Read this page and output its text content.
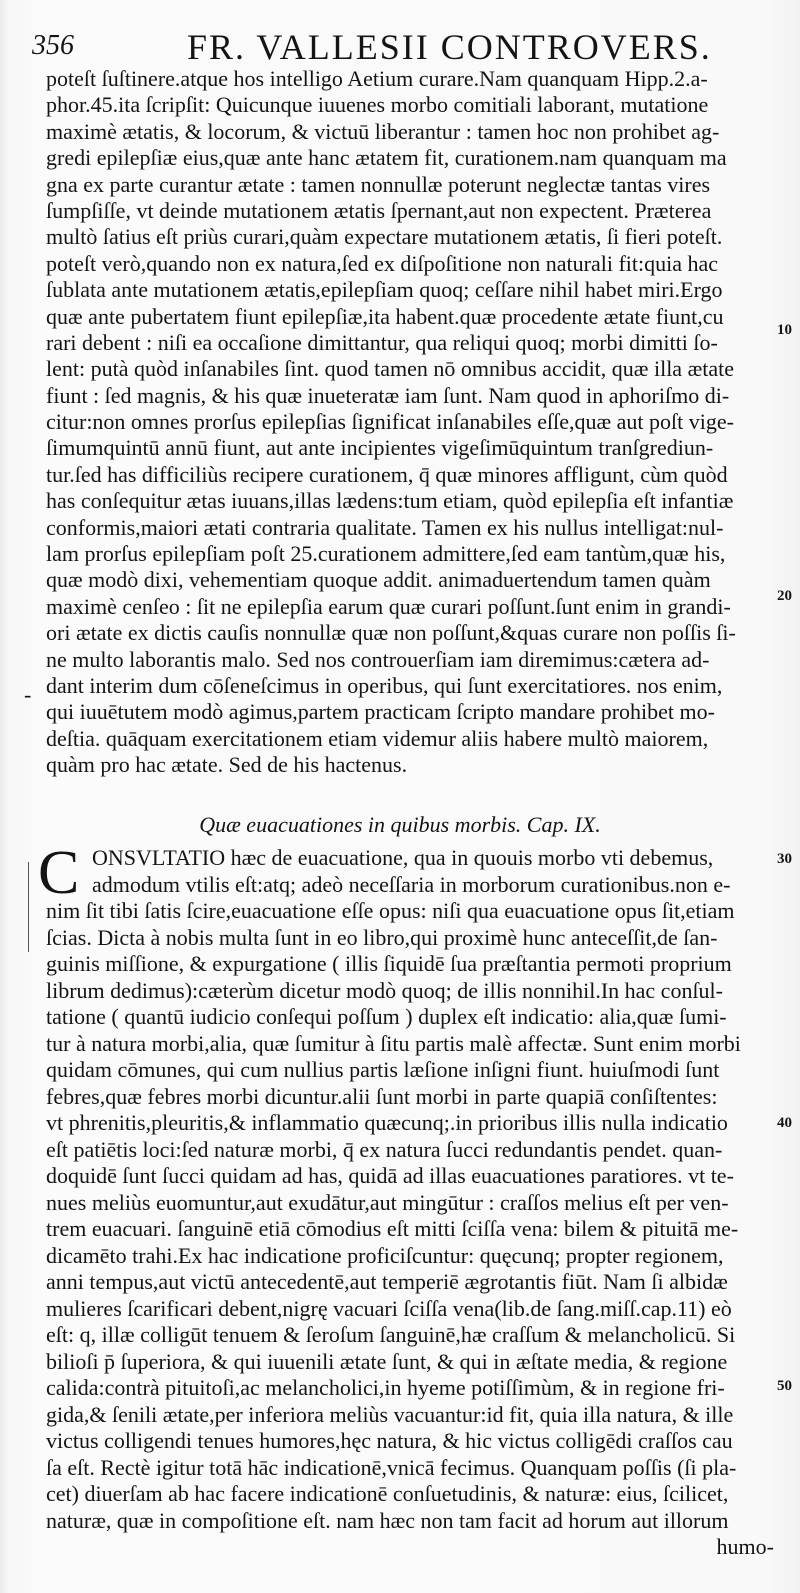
356	FR. VALLESII CONTROVERS.
poteſt ſuſtinere.atque hos intelligo Aetium curare.Nam quanquam Hipp.2.a-
phor.45.ita ſcripſit: Quicunque iuuenes morbo comitiali laborant, mutatione
maximè ætatis, & locorum, & victuū liberantur : tamen hoc non prohibet ag-
gredi epilepſiæ eius,quæ ante hanc ætatem fit, curationem.nam quanquam ma
gna ex parte curantur ætate : tamen nonnullæ poterunt neglectæ tantas vires
ſumpſiſſe, vt deinde mutationem ætatis ſpernant,aut non expectent. Præterea
multò ſatius eſt priùs curari,quàm expectare mutationem ætatis, ſi fieri poteſt.
poteſt verò,quando non ex natura,ſed ex diſpoſitione non naturali fit:quia hac
ſublata ante mutationem ætatis,epilepſiam quoq; ceſſare nihil habet miri.Ergo
quæ ante pubertatem fiunt epilepſiæ,ita habent.quæ procedente ætate fiunt,cu
rari debent : niſi ea occaſione dimittantur, qua reliqui quoq; morbi dimitti ſo-
lent: putà quòd inſanabiles ſint. quod tamen nō omnibus accidit, quæ illa ætate
fiunt : ſed magnis, & his quæ inueteratæ iam ſunt. Nam quod in aphoriſmo di-
citur:non omnes prorſus epilepſias ſignificat inſanabiles eſſe,quæ aut poſt vige-
ſimumquintū annū fiunt, aut ante incipientes vigeſimūquintum tranſgrediun-
tur.ſed has difficiliùs recipere curationem, q̄ quæ minores affligunt, cùm quòd
has conſequitur ætas iuuans,illas lædens:tum etiam, quòd epilepſia eſt infantiæ
conformis,maiori ætati contraria qualitate. Tamen ex his nullus intelligat:nul-
lam prorſus epilepſiam poſt 25.curationem admittere,ſed eam tantùm,quæ his,
quæ modò dixi, vehementiam quoque addit. animaduertendum tamen quàm
maximè cenſeo : ſit ne epilepſia earum quæ curari poſſunt.ſunt enim in grandi-
ori ætate ex dictis cauſis nonnullæ quæ non poſſunt,&quas curare non poſſis ſi-
ne multo laborantis malo. Sed nos controuerſiam iam diremimus:cætera ad-
dant interim dum cōſeneſcimus in operibus, qui ſunt exercitatiores. nos enim,
qui iuuētutem modò agimus,partem practicam ſcripto mandare prohibet mo-
deſtia. quāquam exercitationem etiam videmur aliis habere multò maiorem,
quàm pro hac ætate. Sed de his hactenus.
-
Quæ euacuationes in quibus morbis. Cap. IX.
C ONSVLTATIO hæc de euacuatione, qua in quouis morbo vti debemus,
admodum vtilis eſt:atq; adeò neceſſaria in morborum curationibus.non e-
nim ſit tibi ſatis ſcire,euacuatione eſſe opus: niſi qua euacuatione opus ſit,etiam
ſcias. Dicta à nobis multa ſunt in eo libro,qui proximè hunc anteceſſit,de ſan-
guinis miſſione, & expurgatione ( illis ſiquidē ſua præſtantia permoti proprium
librum dedimus):cæterùm dicetur modò quoq; de illis nonnihil.In hac conſul-
tatione ( quantū iudicio conſequi poſſum ) duplex eſt indicatio: alia,quæ ſumi-
tur à natura morbi,alia, quæ ſumitur à ſitu partis malè affectæ. Sunt enim morbi
quidam cōmunes, qui cum nullius partis læſione inſigni fiunt. huiuſmodi ſunt
febres,quæ febres morbi dicuntur.alii ſunt morbi in parte quapiā conſiſtentes:
vt phrenitis,pleuritis,& inflammatio quæcunq;.in prioribus illis nulla indicatio
eſt patiētis loci:ſed naturæ morbi, q̄ ex natura ſucci redundantis pendet. quan-
doquidē ſunt ſucci quidam ad has, quidā ad illas euacuationes paratiores. vt te-
nues meliùs euomuntur,aut exudātur,aut mingūtur : craſſos melius eſt per ven-
trem euacuari. ſanguinē etiā cōmodius eſt mitti ſciſſa vena: bilem & pituitā me-
dicamēto trahi.Ex hac indicatione proficiſcuntur: quęcunq; propter regionem,
anni tempus,aut victū antecedentē,aut temperiē ægrotantis fiūt. Nam ſi albidæ
mulieres ſcarificari debent,nigrę vacuari ſciſſa vena(lib.de ſang.miſſ.cap.11) eò
eſt: q, illæ colligūt tenuem & ſeroſum ſanguinē,hæ craſſum & melancholicū. Si
bilioſi p̄ ſuperiora, & qui iuuenili ætate ſunt, & qui in æſtate media, & regione
calida:contrà pituitoſi,ac melancholici,in hyeme potiſſimùm, & in regione fri-
gida,& ſenili ætate,per inferiora meliùs vacuantur:id fit, quia illa natura, & ille
victus colligendi tenues humores,hęc natura, & hic victus colligēdi craſſos cau
ſa eſt. Rectè igitur totā hāc indicationē,vnicā fecimus. Quanquam poſſis (ſi pla-
cet) diuerſam ab hac facere indicationē conſuetudinis, & naturæ: eius, ſcilicet,
naturæ, quæ in compoſitione eſt. nam hæc non tam facit ad horum aut illorum
humo-
10
20
30
40
50
